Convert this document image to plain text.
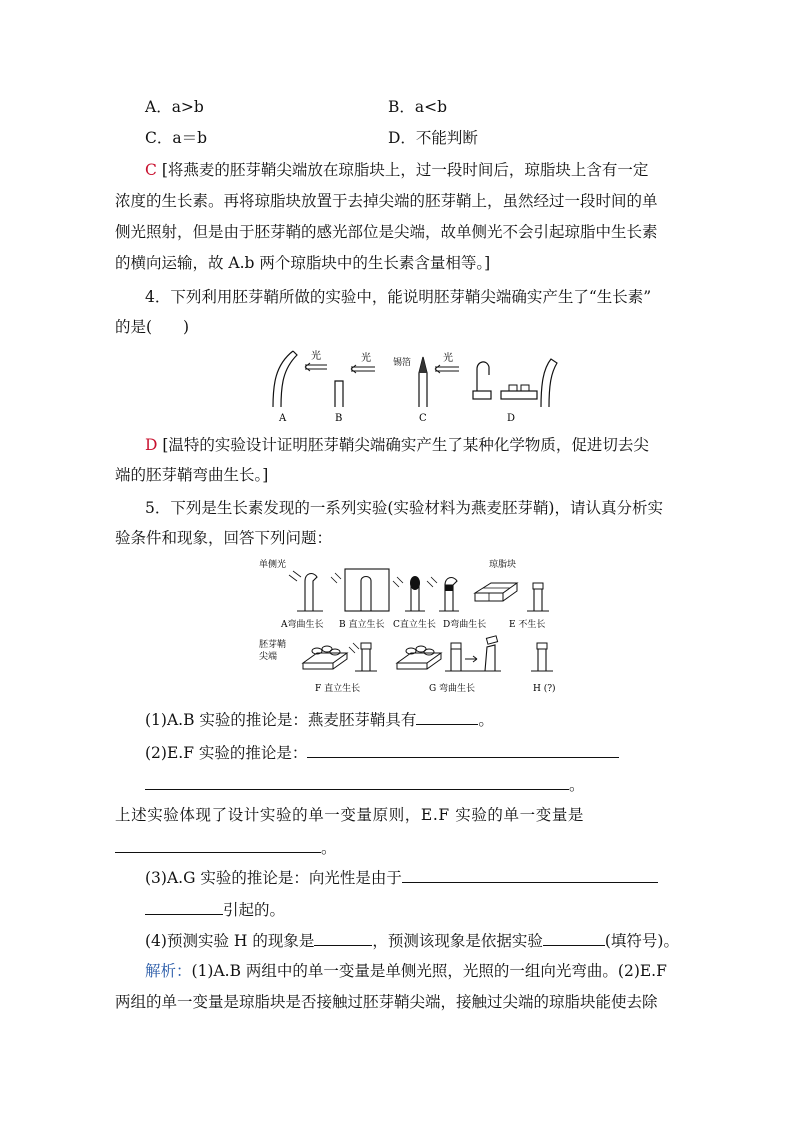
A．a>b	B．a<b
C．a＝b	D．不能判断
C [将燕麦的胚芽鞘尖端放在琼脂块上，过一段时间后，琼脂块上含有一定
浓度的生长素。再将琼脂块放置于去掉尖端的胚芽鞘上，虽然经过一段时间的单
侧光照射，但是由于胚芽鞘的感光部位是尖端，故单侧光不会引起琼脂中生长素
的横向运输，故 A.b 两个琼脂块中的生长素含量相等。]
4．下列利用胚芽鞘所做的实验中，能说明胚芽鞘尖端确实产生了“生长素”
的是(　　)
A
光
B
光 锡箔
C
光
D
D [温特的实验设计证明胚芽鞘尖端确实产生了某种化学物质，促进切去尖
端的胚芽鞘弯曲生长。]
5．下列是生长素发现的一系列实验(实验材料为燕麦胚芽鞘)，请认真分析实
验条件和现象，回答下列问题：
单侧光	琼脂块
A弯曲生长 B 直立生长 C直立生长 D弯曲生长	E 不生长
胚芽鞘
尖端
F 直立生长	G 弯曲生长	H (?)
(1)A.B 实验的推论是：燕麦胚芽鞘具有	。
(2)E.F 实验的推论是：
。
上述实验体现了设计实验的单一变量原则，E.F 实验的单一变量是
。
(3)A.G 实验的推论是：向光性是由于
引起的。
(4)预测实验 H 的现象是	，预测该现象是依据实验	(填符号)。
解析：(1)A.B 两组中的单一变量是单侧光照，光照的一组向光弯曲。(2)E.F
两组的单一变量是琼脂块是否接触过胚芽鞘尖端，接触过尖端的琼脂块能使去除
